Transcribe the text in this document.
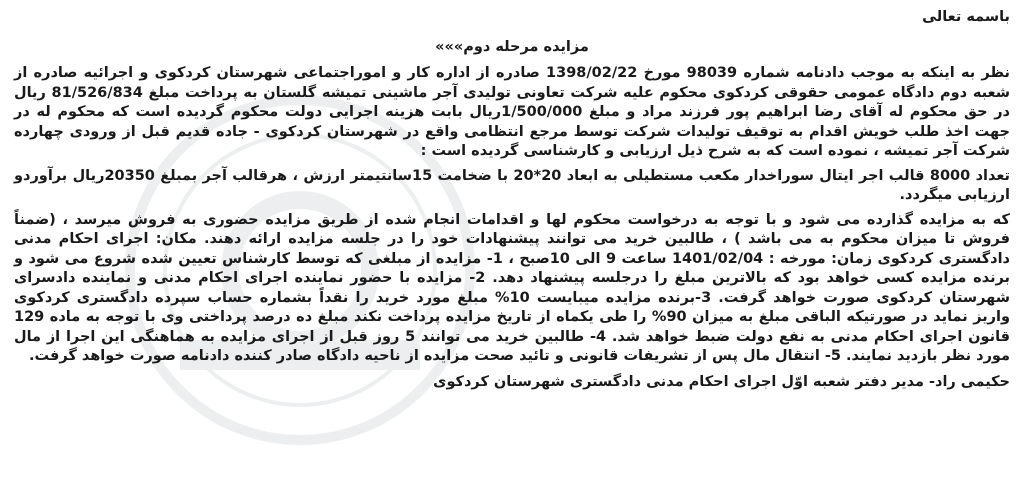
باسمه تعالی

مزایده مرحله دوم»»»

نظر به اینکه به موجب دادنامه شماره 98039 مورخ 1398/02/22 صادره از اداره کار و اموراجتماعی شهرستان کردکوی و اجرائیه صادره از شعبه دوم دادگاه عمومی حقوقی کردکوی محکوم علیه شرکت تعاونی تولیدی آجر ماشینی تمیشه گلستان به پرداخت مبلغ 81/526/834 ریال در حق محکوم له آقای رضا ابراهیم پور فرزند مراد و مبلغ 1/500/000ریال بابت هزینه اجرایی دولت محکوم گردیده است که محکوم له در جهت اخذ طلب خویش اقدام به توقیف تولیدات شرکت توسط مرجع انتظامی واقع در شهرستان کردکوی - جاده قدیم قبل از ورودی چهارده شرکت آجر تمیشه ، نموده است که به شرح ذیل ارزیابی و کارشناسی گردیده است :

تعداد 8000 قالب اجر ایتال سوراخدار مکعب مستطیلی به ابعاد 20*20 با ضخامت 15سانتیمتر ارزش ، هرقالب آجر بمبلغ 20350ریال برآوردو ارزیابی میگردد.

که به مزایده گذارده می شود و با توجه به درخواست محکوم لها و اقدامات انجام شده از طریق مزایده حضوری به فروش میرسد ، (ضمناً فروش تا میزان محکوم به می باشد ) ، طالبین خرید می توانند پیشنهادات خود را در جلسه مزایده ارائه دهند. مکان: اجرای احکام مدنی دادگستری کردکوی زمان: مورخه : 1401/02/04 ساعت 9 الی 10صبح ، 1- مزایده از مبلغی که توسط کارشناس تعیین شده شروع می شود و برنده مزایده کسی خواهد بود که بالاترین مبلغ را درجلسه پیشنهاد دهد. 2- مزایده با حضور نماینده اجرای احکام مدنی و نماینده دادسرای شهرستان کردکوی صورت خواهد گرفت. 3-برنده مزایده میبایست 10% مبلغ مورد خرید را نقداً بشماره حساب سپرده دادگستری کردکوی واریز نماید در صورتیکه الباقی مبلغ به میزان 90% را طی یکماه از تاریخ مزایده پرداخت نکند مبلغ ده درصد پرداختی وی با توجه به ماده 129 قانون اجرای احکام مدنی به نفع دولت ضبط خواهد شد. 4- طالبین خرید می توانند 5 روز قبل از اجرای مزایده به هماهنگی این اجرا از مال مورد نظر بازدید نمایند. 5- انتقال مال پس از تشریفات قانونی و تائید صحت مزایده از ناحیه دادگاه صادر کننده دادنامه صورت خواهد گرفت.

حکیمی راد- مدیر دفتر شعبه اوّل اجرای احکام مدنی دادگستری شهرستان کردکوی
